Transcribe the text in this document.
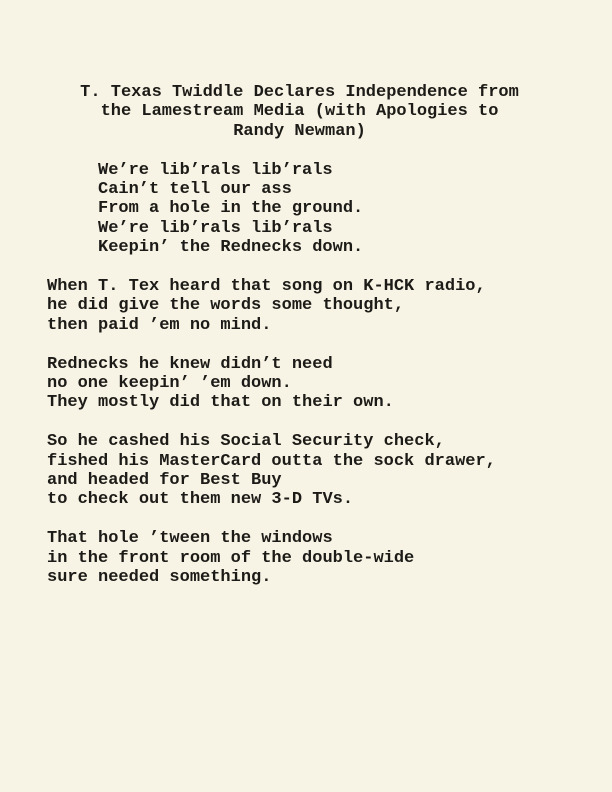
T. Texas Twiddle Declares Independence from
the Lamestream Media (with Apologies to
Randy Newman)
We’re lib’rals lib’rals
Cain’t tell our ass
From a hole in the ground.
We’re lib’rals lib’rals
Keepin’ the Rednecks down.
When T. Tex heard that song on K-HCK radio,
he did give the words some thought,
then paid ’em no mind.
Rednecks he knew didn’t need
no one keepin’ ’em down.
They mostly did that on their own.
So he cashed his Social Security check,
fished his MasterCard outta the sock drawer,
and headed for Best Buy
to check out them new 3-D TVs.
That hole ’tween the windows
in the front room of the double-wide
sure needed something.
